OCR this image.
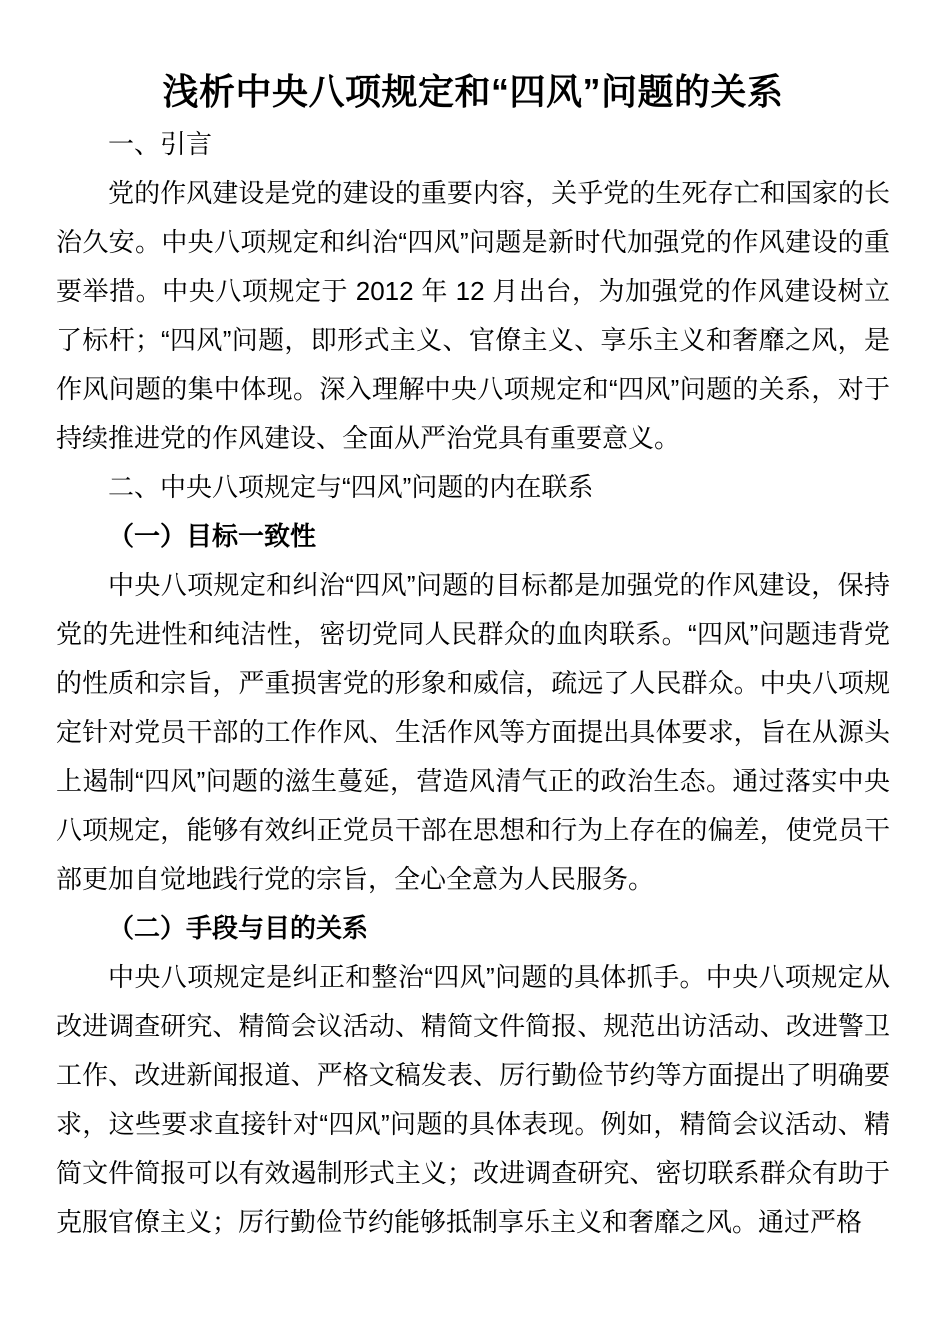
浅析中央八项规定和“四风”问题的关系

一、引言

党的作风建设是党的建设的重要内容，关乎党的生死存亡和国家的长治久安。中央八项规定和纠治“四风”问题是新时代加强党的作风建设的重要举措。中央八项规定于 2012 年 12 月出台，为加强党的作风建设树立了标杆；“四风”问题，即形式主义、官僚主义、享乐主义和奢靡之风，是作风问题的集中体现。深入理解中央八项规定和“四风”问题的关系，对于持续推进党的作风建设、全面从严治党具有重要意义。

二、中央八项规定与“四风”问题的内在联系

（一）目标一致性

中央八项规定和纠治“四风”问题的目标都是加强党的作风建设，保持党的先进性和纯洁性，密切党同人民群众的血肉联系。“四风”问题违背党的性质和宗旨，严重损害党的形象和威信，疏远了人民群众。中央八项规定针对党员干部的工作作风、生活作风等方面提出具体要求，旨在从源头上遏制“四风”问题的滋生蔓延，营造风清气正的政治生态。通过落实中央八项规定，能够有效纠正党员干部在思想和行为上存在的偏差，使党员干部更加自觉地践行党的宗旨，全心全意为人民服务。

（二）手段与目的关系

中央八项规定是纠正和整治“四风”问题的具体抓手。中央八项规定从改进调查研究、精简会议活动、精简文件简报、规范出访活动、改进警卫工作、改进新闻报道、严格文稿发表、厉行勤俭节约等方面提出了明确要求，这些要求直接针对“四风”问题的具体表现。例如，精简会议活动、精简文件简报可以有效遏制形式主义；改进调查研究、密切联系群众有助于克服官僚主义；厉行勤俭节约能够抵制享乐主义和奢靡之风。通过严格
